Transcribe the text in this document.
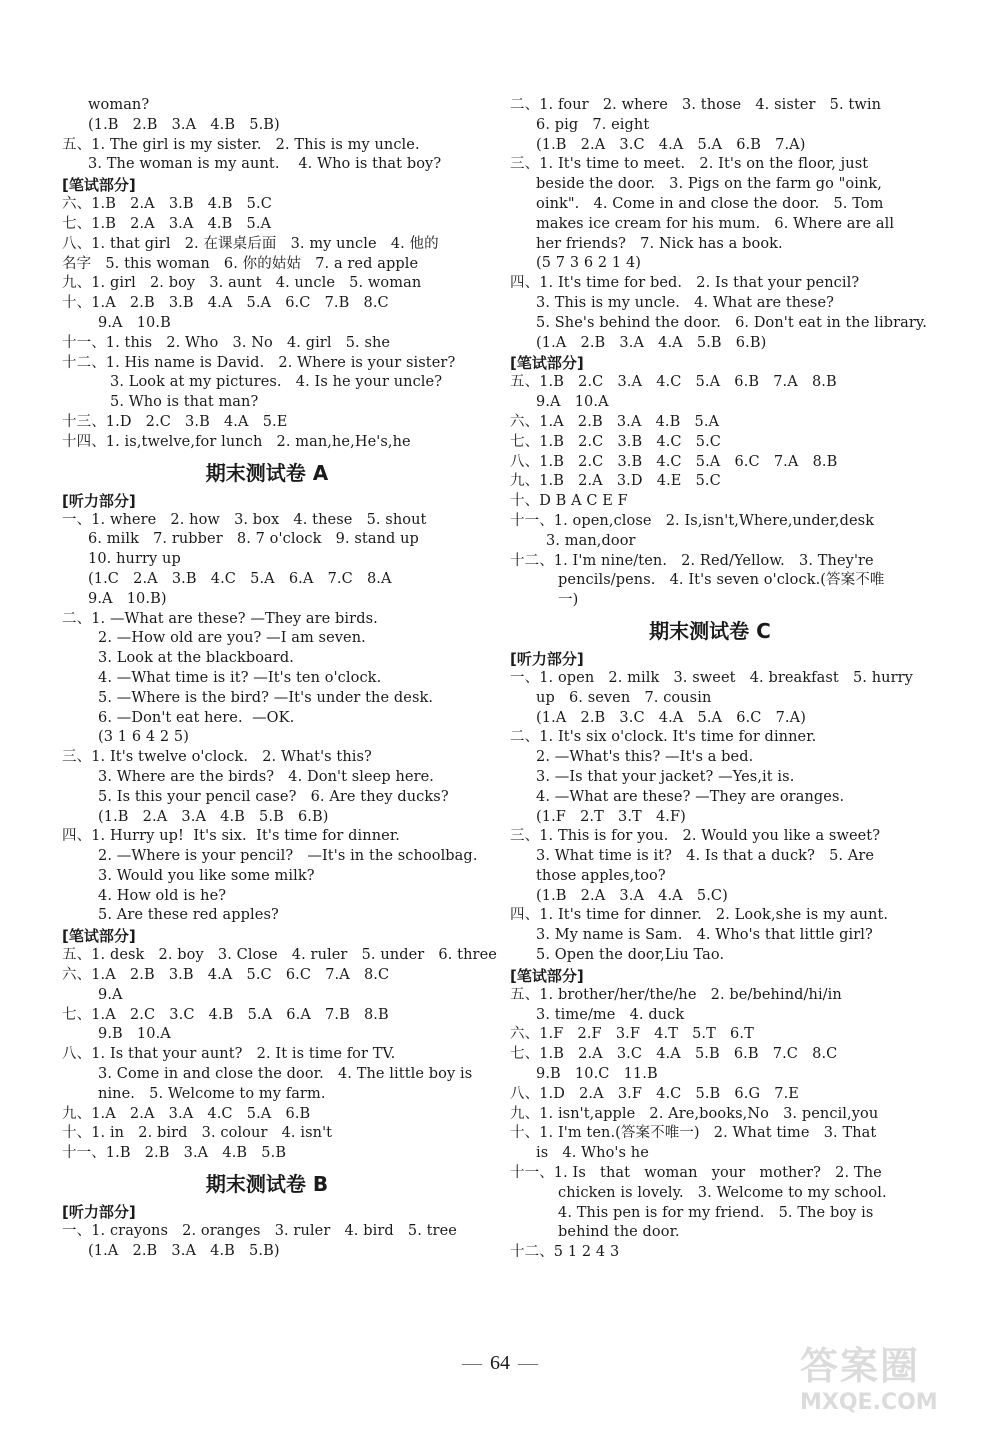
woman?
(1.B   2.B   3.A   4.B   5.B)
五、1. The girl is my sister.   2. This is my uncle.
3. The woman is my aunt.    4. Who is that boy?
[笔试部分]
六、1.B   2.A   3.B   4.B   5.C
七、1.B   2.A   3.A   4.B   5.A
八、1. that girl   2. 在课桌后面   3. my uncle   4. 他的
名字   5. this woman   6. 你的姑姑   7. a red apple
九、1. girl   2. boy   3. aunt   4. uncle   5. woman
十、1.A   2.B   3.B   4.A   5.A   6.C   7.B   8.C
9.A   10.B
十一、1. this   2. Who   3. No   4. girl   5. she
十二、1. His name is David.   2. Where is your sister?
3. Look at my pictures.   4. Is he your uncle?
5. Who is that man?
十三、1.D   2.C   3.B   4.A   5.E
十四、1. is,twelve,for lunch   2. man,he,He's,he
期末测试卷 A
[听力部分]
一、1. where   2. how   3. box   4. these   5. shout
6. milk   7. rubber   8. 7 o'clock   9. stand up
10. hurry up
(1.C   2.A   3.B   4.C   5.A   6.A   7.C   8.A
9.A   10.B)
二、1. —What are these? —They are birds.
2. —How old are you? —I am seven.
3. Look at the blackboard.
4. —What time is it? —It's ten o'clock.
5. —Where is the bird? —It's under the desk.
6. —Don't eat here.  —OK.
(3 1 6 4 2 5)
三、1. It's twelve o'clock.   2. What's this?
3. Where are the birds?   4. Don't sleep here.
5. Is this your pencil case?   6. Are they ducks?
(1.B   2.A   3.A   4.B   5.B   6.B)
四、1. Hurry up!  It's six.  It's time for dinner.
2. —Where is your pencil?   —It's in the schoolbag.
3. Would you like some milk?
4. How old is he?
5. Are these red apples?
[笔试部分]
五、1. desk   2. boy   3. Close   4. ruler   5. under   6. three
六、1.A   2.B   3.B   4.A   5.C   6.C   7.A   8.C
9.A
七、1.A   2.C   3.C   4.B   5.A   6.A   7.B   8.B
9.B   10.A
八、1. Is that your aunt?   2. It is time for TV.
3. Come in and close the door.   4. The little boy is
nine.   5. Welcome to my farm.
九、1.A   2.A   3.A   4.C   5.A   6.B
十、1. in   2. bird   3. colour   4. isn't
十一、1.B   2.B   3.A   4.B   5.B
期末测试卷 B
[听力部分]
一、1. crayons   2. oranges   3. ruler   4. bird   5. tree
(1.A   2.B   3.A   4.B   5.B)
二、1. four   2. where   3. those   4. sister   5. twin
6. pig   7. eight
(1.B   2.A   3.C   4.A   5.A   6.B   7.A)
三、1. It's time to meet.   2. It's on the floor, just
beside the door.   3. Pigs on the farm go "oink,
oink".   4. Come in and close the door.   5. Tom
makes ice cream for his mum.   6. Where are all
her friends?   7. Nick has a book.
(5 7 3 6 2 1 4)
四、1. It's time for bed.   2. Is that your pencil?
3. This is my uncle.   4. What are these?
5. She's behind the door.   6. Don't eat in the library.
(1.A   2.B   3.A   4.A   5.B   6.B)
[笔试部分]
五、1.B   2.C   3.A   4.C   5.A   6.B   7.A   8.B
9.A   10.A
六、1.A   2.B   3.A   4.B   5.A
七、1.B   2.C   3.B   4.C   5.C
八、1.B   2.C   3.B   4.C   5.A   6.C   7.A   8.B
九、1.B   2.A   3.D   4.E   5.C
十、D B A C E F
十一、1. open,close   2. Is,isn't,Where,under,desk
3. man,door
十二、1. I'm nine/ten.   2. Red/Yellow.   3. They're
pencils/pens.   4. It's seven o'clock.(答案不唯
一)
期末测试卷 C
[听力部分]
一、1. open   2. milk   3. sweet   4. breakfast   5. hurry
up   6. seven   7. cousin
(1.A   2.B   3.C   4.A   5.A   6.C   7.A)
二、1. It's six o'clock. It's time for dinner.
2. —What's this? —It's a bed.
3. —Is that your jacket? —Yes,it is.
4. —What are these? —They are oranges.
(1.F   2.T   3.T   4.F)
三、1. This is for you.   2. Would you like a sweet?
3. What time is it?   4. Is that a duck?   5. Are
those apples,too?
(1.B   2.A   3.A   4.A   5.C)
四、1. It's time for dinner.   2. Look,she is my aunt.
3. My name is Sam.   4. Who's that little girl?
5. Open the door,Liu Tao.
[笔试部分]
五、1. brother/her/the/he   2. be/behind/hi/in
3. time/me   4. duck
六、1.F   2.F   3.F   4.T   5.T   6.T
七、1.B   2.A   3.C   4.A   5.B   6.B   7.C   8.C
9.B   10.C   11.B
八、1.D   2.A   3.F   4.C   5.B   6.G   7.E
九、1. isn't,apple   2. Are,books,No   3. pencil,you
十、1. I'm ten.(答案不唯一)   2. What time   3. That
is   4. Who's he
十一、1. Is   that   woman   your   mother?   2. The
chicken is lovely.   3. Welcome to my school.
4. This pen is for my friend.   5. The boy is
behind the door.
十二、5 1 2 4 3
— 64 —	答案圈
MXQE.COM
